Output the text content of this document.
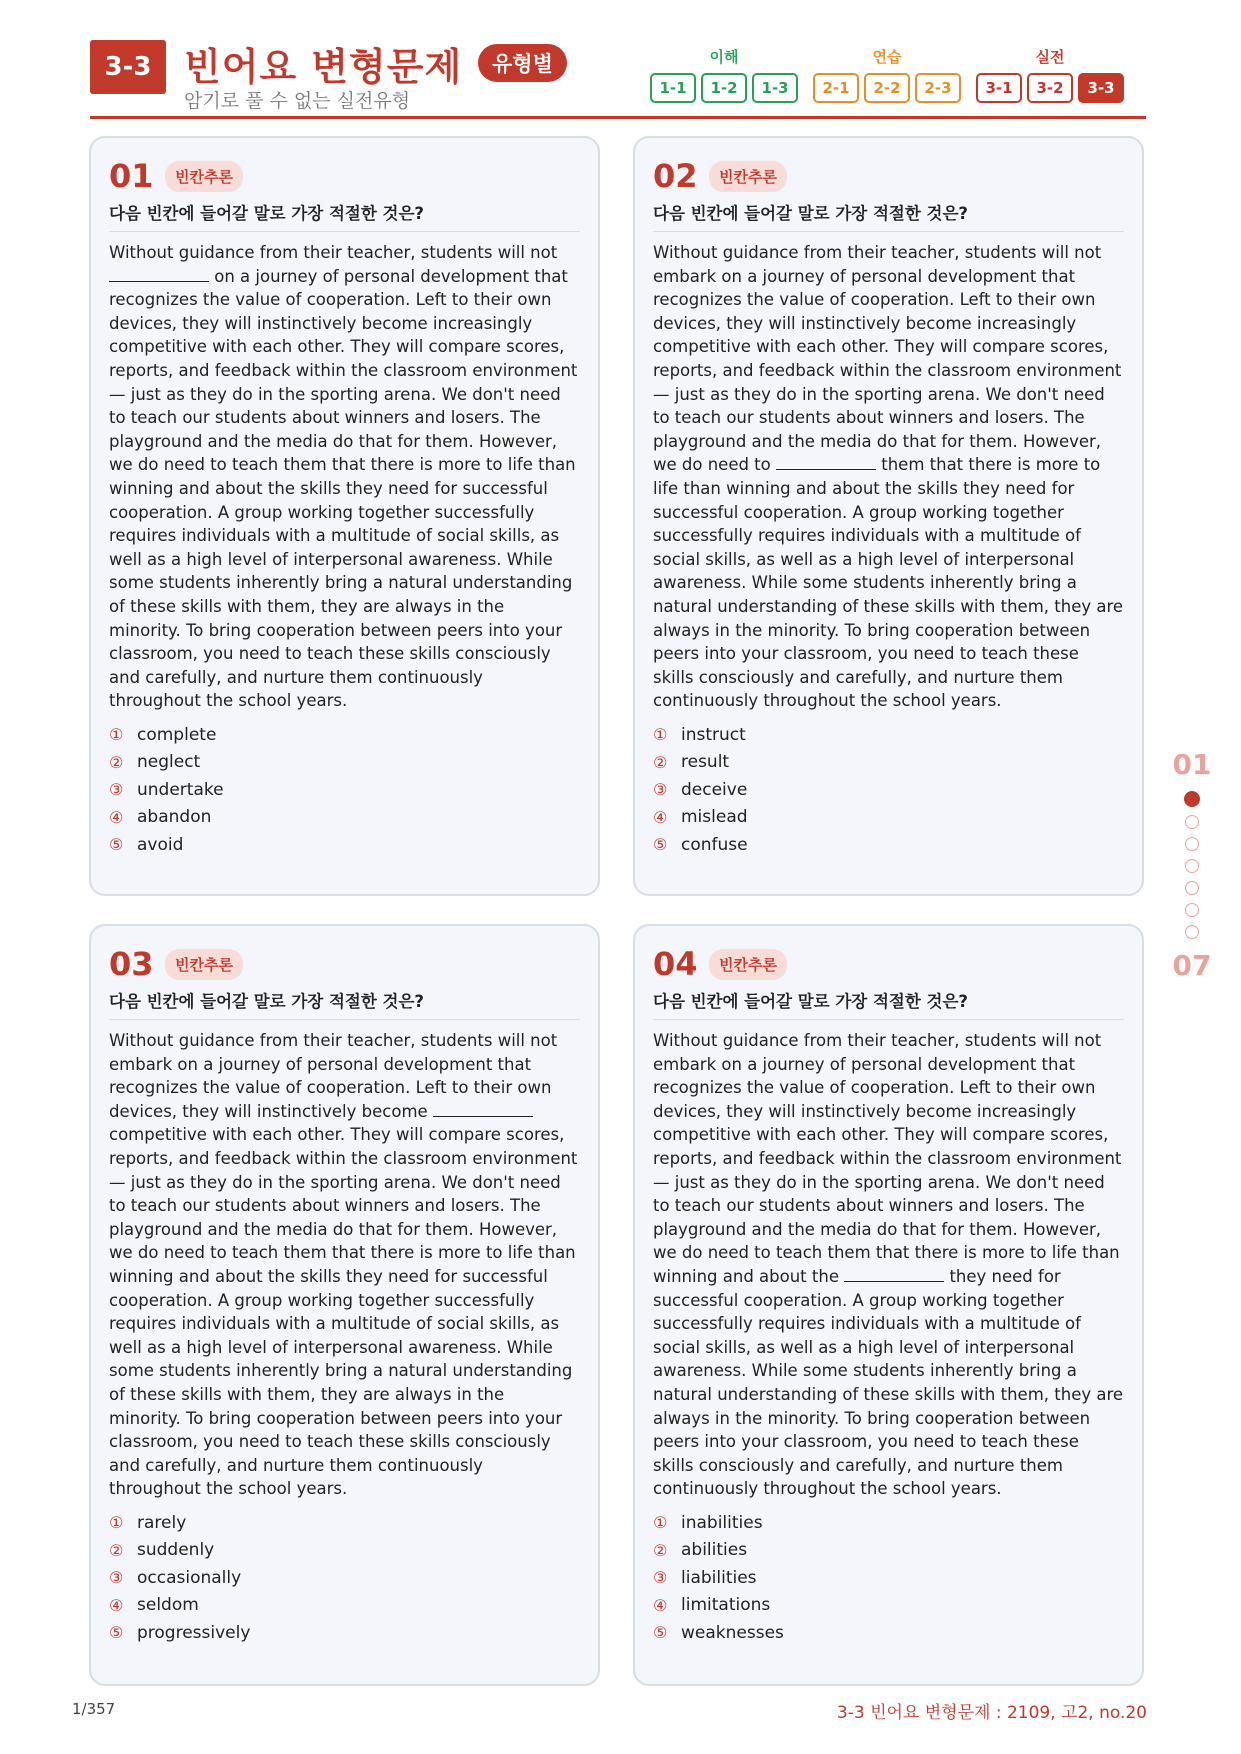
3-3 빈어요 변형문제	유형별
암기로 풀 수 없는 실전유형
이해
1-1	1-2	1-3
연습
2-1	2-2	2-3
실전
3-1	3-2	3-3
01	빈칸추론
다음 빈칸에 들어갈 말로 가장 적절한 것은?
Without guidance from their teacher, students will not  on a journey of personal development that recognizes the value of cooperation. Left to their own devices, they will instinctively become increasingly competitive with each other. They will compare scores, reports, and feedback within the classroom environment — just as they do in the sporting arena. We don't need to teach our students about winners and losers. The playground and the media do that for them. However, we do need to teach them that there is more to life than winning and about the skills they need for successful cooperation. A group working together successfully requires individuals with a multitude of social skills, as well as a high level of interpersonal awareness. While some students inherently bring a natural understanding of these skills with them, they are always in the minority. To bring cooperation between peers into your classroom, you need to teach these skills consciously and carefully, and nurture them continuously throughout the school years.
① complete
② neglect
③ undertake
④ abandon
⑤ avoid
02	빈칸추론
다음 빈칸에 들어갈 말로 가장 적절한 것은?
Without guidance from their teacher, students will not embark on a journey of personal development that recognizes the value of cooperation. Left to their own devices, they will instinctively become increasingly competitive with each other. They will compare scores, reports, and feedback within the classroom environment — just as they do in the sporting arena. We don't need to teach our students about winners and losers. The playground and the media do that for them. However, we do need to	them that there is more to life than winning and about the skills they need for successful cooperation. A group working together successfully requires individuals with a multitude of social skills, as well as a high level of interpersonal awareness. While some students inherently bring a natural understanding of these skills with them, they are always in the minority. To bring cooperation between peers into your classroom, you need to teach these skills consciously and carefully, and nurture them continuously throughout the school years.
① instruct
② result
③ deceive
④ mislead
⑤ confuse
03	빈칸추론
다음 빈칸에 들어갈 말로 가장 적절한 것은?
Without guidance from their teacher, students will not embark on a journey of personal development that recognizes the value of cooperation. Left to their own devices, they will instinctively become  competitive with each other. They will compare scores, reports, and feedback within the classroom environment — just as they do in the sporting arena. We don't need to teach our students about winners and losers. The playground and the media do that for them. However, we do need to teach them that there is more to life than winning and about the skills they need for successful cooperation. A group working together successfully requires individuals with a multitude of social skills, as well as a high level of interpersonal awareness. While some students inherently bring a natural understanding of these skills with them, they are always in the minority. To bring cooperation between peers into your classroom, you need to teach these skills consciously and carefully, and nurture them continuously throughout the school years.
① rarely
② suddenly
③ occasionally
④ seldom
⑤ progressively
04	빈칸추론
다음 빈칸에 들어갈 말로 가장 적절한 것은?
Without guidance from their teacher, students will not embark on a journey of personal development that recognizes the value of cooperation. Left to their own devices, they will instinctively become increasingly competitive with each other. They will compare scores, reports, and feedback within the classroom environment — just as they do in the sporting arena. We don't need to teach our students about winners and losers. The playground and the media do that for them. However, we do need to teach them that there is more to life than winning and about the	they need for successful cooperation. A group working together successfully requires individuals with a multitude of social skills, as well as a high level of interpersonal awareness. While some students inherently bring a natural understanding of these skills with them, they are always in the minority. To bring cooperation between peers into your classroom, you need to teach these skills consciously and carefully, and nurture them continuously throughout the school years.
① inabilities
② abilities
③ liabilities
④ limitations
⑤ weaknesses
01
07
1/357	3-3 빈어요 변형문제 : 2109, 고2, no.20
